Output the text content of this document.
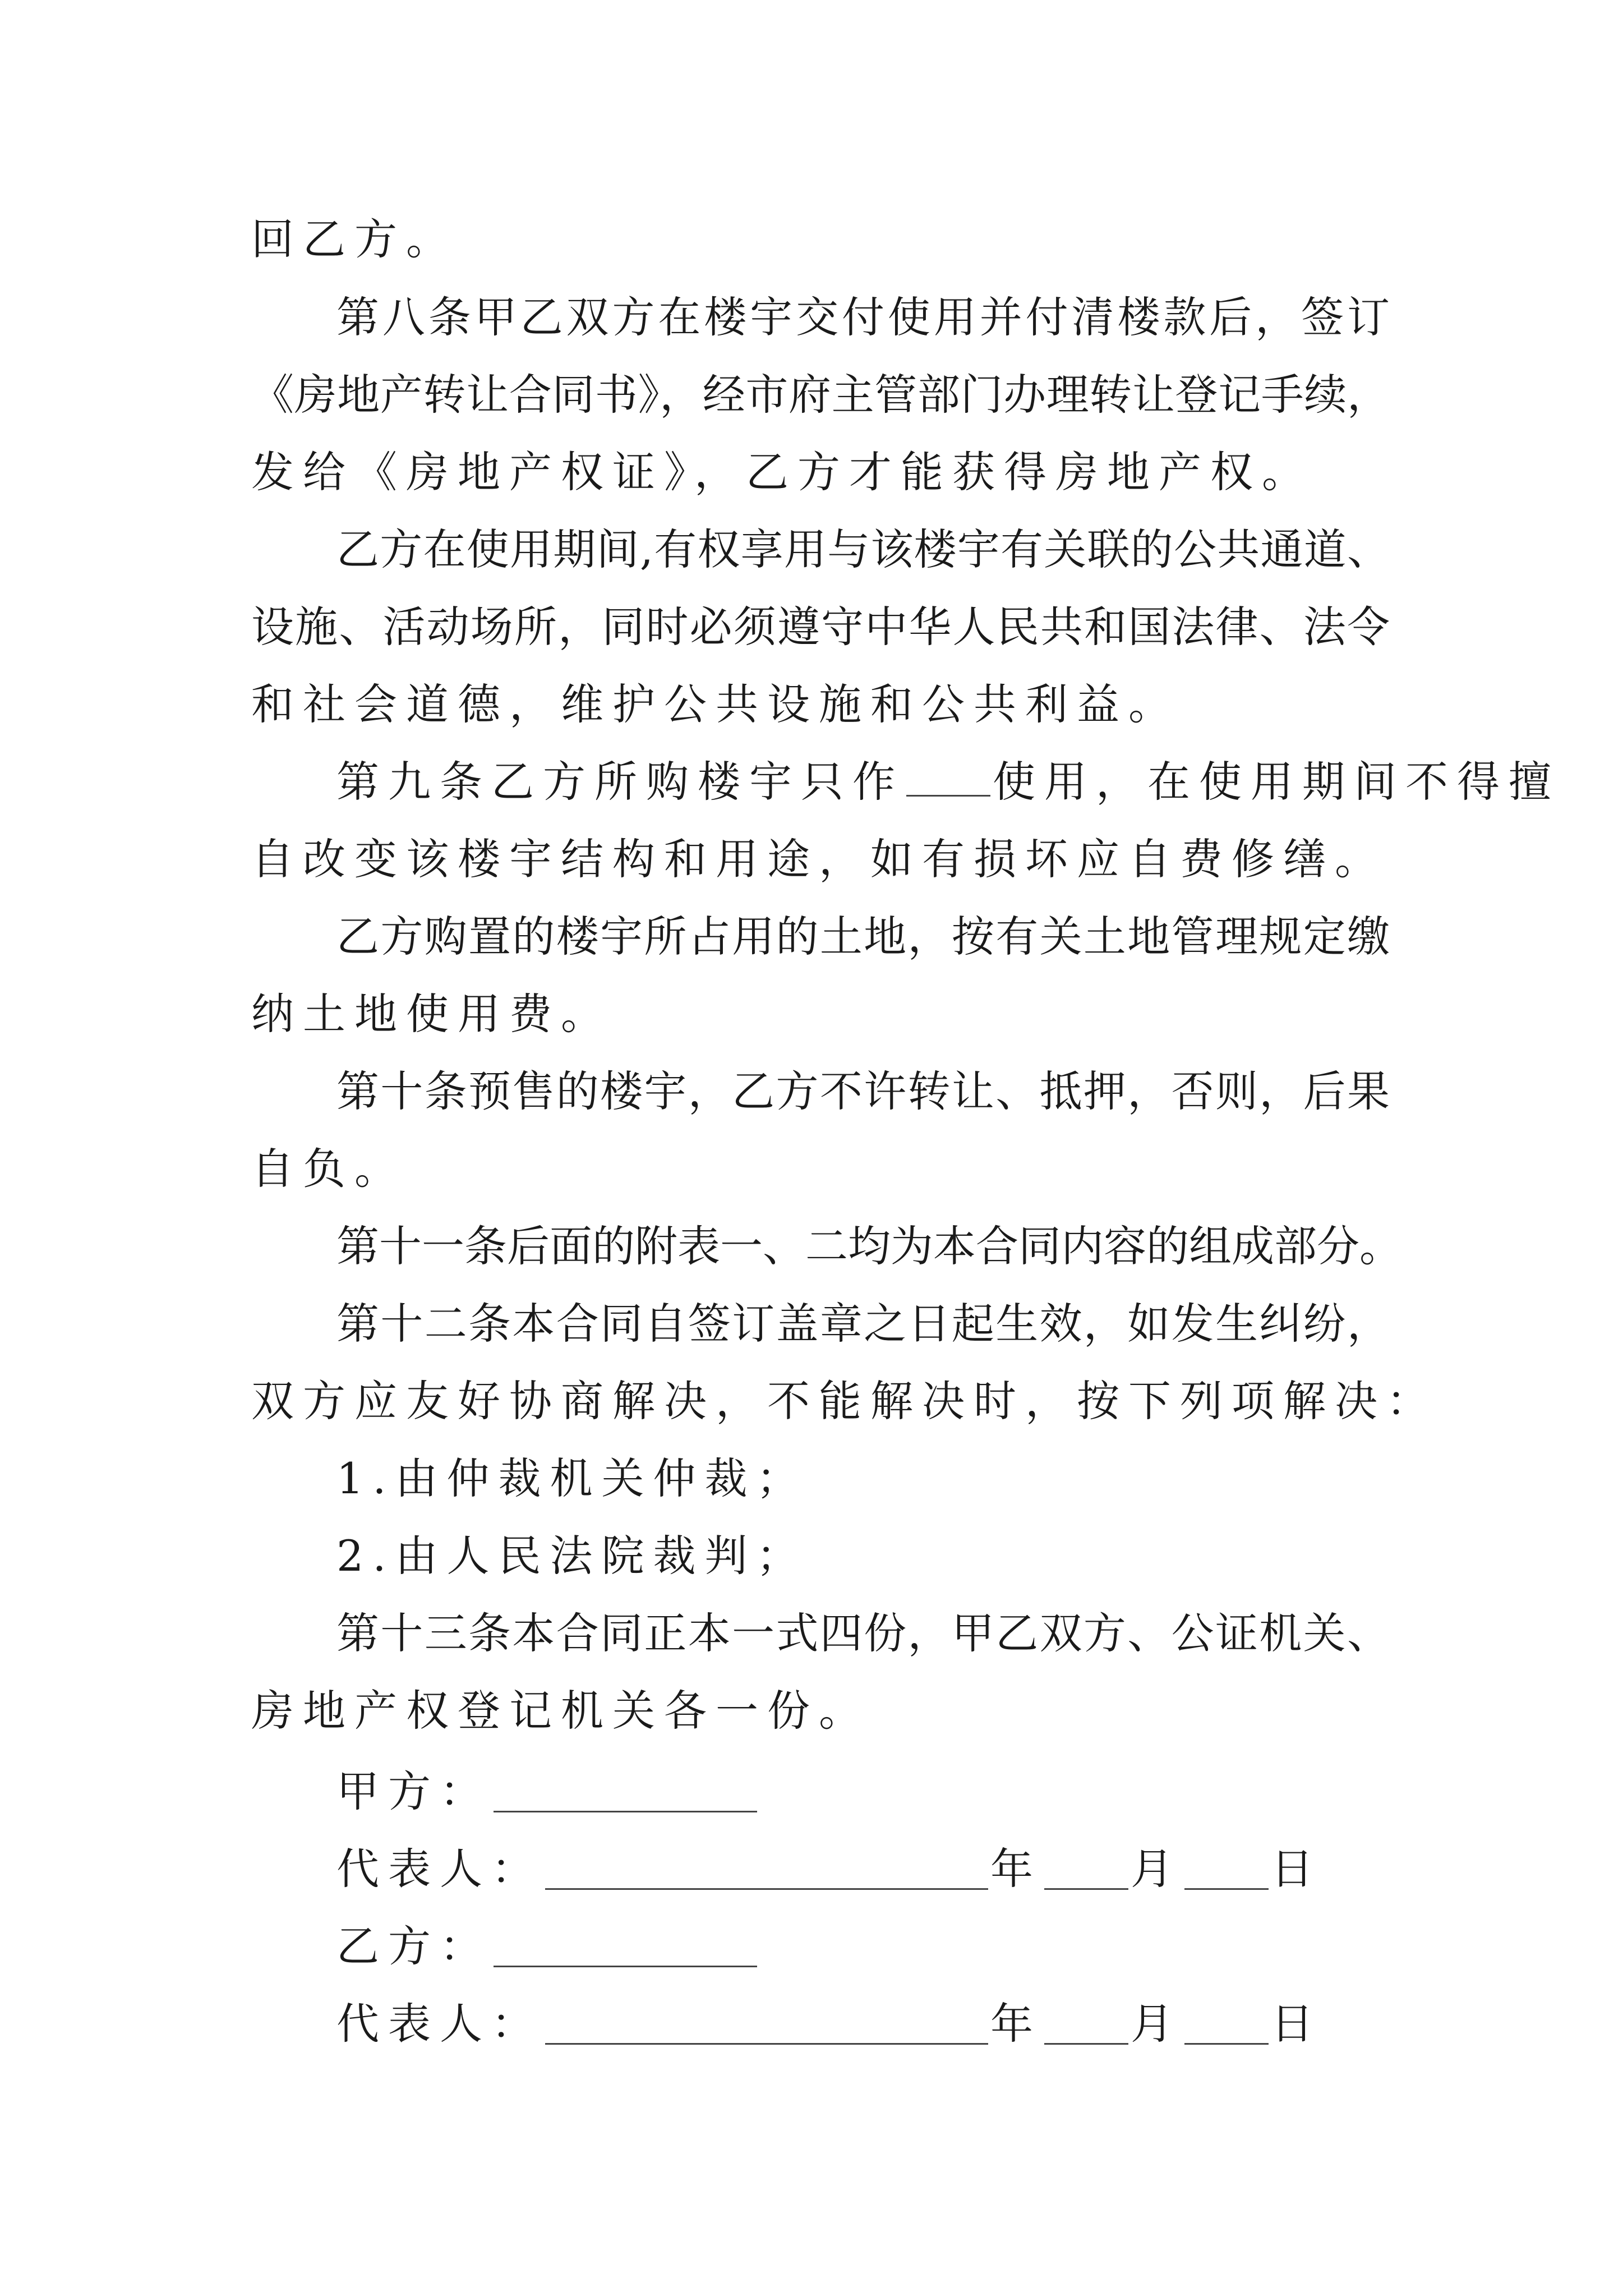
回乙方。
第八条甲乙双方在楼宇交付使用并付清楼款后，签订
《房地产转让合同书》，经市府主管部门办理转让登记手续，
发给《房地产权证》，乙方才能获得房地产权。
乙方在使用期间,有权享用与该楼宇有关联的公共通道、
设施、活动场所，同时必须遵守中华人民共和国法律、法令
和社会道德，维护公共设施和公共利益。
第九条乙方所购楼宇只作 使用，在使用期间不得擅
自改变该楼宇结构和用途，如有损坏应自费修缮。
乙方购置的楼宇所占用的土地，按有关土地管理规定缴
纳土地使用费。
第十条预售的楼宇，乙方不许转让、抵押，否则，后果
自负。
第十一条后面的附表一、二均为本合同内容的组成部分。
第十二条本合同自签订盖章之日起生效，如发生纠纷，
双方应友好协商解决，不能解决时，按下列项解决：
1.由仲裁机关仲裁；
2.由人民法院裁判；
第十三条本合同正本一式四份，甲乙双方、公证机关、
房地产权登记机关各一份。
甲方：
代表人：	年 月 日
乙方：
代表人：	年 月 日
